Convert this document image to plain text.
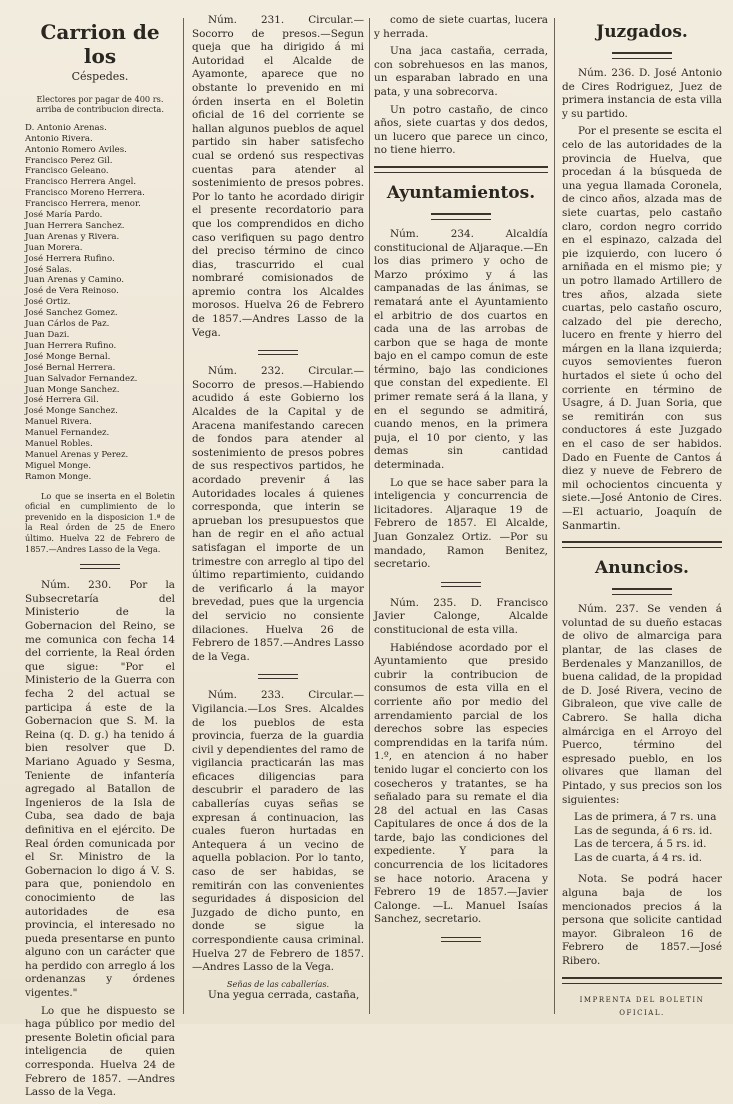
Carrion de los
Céspedes.
Electores por pagar de 400 rs. arriba de contribucion directa.
D. Antonio Arenas.
Antonio Rivera.
Antonio Romero Aviles.
Francisco Perez Gil.
Francisco Geleano.
Francisco Herrera Angel.
Francisco Moreno Herrera.
Francisco Herrera, menor.
José María Pardo.
Juan Herrera Sanchez.
Juan Arenas y Rivera.
Juan Morera.
José Herrera Rufino.
José Salas.
Juan Arenas y Camino.
José de Vera Reinoso.
José Ortiz.
José Sanchez Gomez.
Juan Cárlos de Paz.
Juan Dazi.
Juan Herrera Rufino.
José Monge Bernal.
José Bernal Herrera.
Juan Salvador Fernandez.
Juan Monge Sanchez.
José Herrera Gil.
José Monge Sanchez.
Manuel Rivera.
Manuel Fernandez.
Manuel Robles.
Manuel Arenas y Perez.
Miguel Monge.
Ramon Monge.

Lo que se inserta en el Boletin oficial en cumplimiento de lo prevenido en la disposicion 1.ª de la Real órden de 25 de Enero último. Huelva 22 de Febrero de 1857.—Andres Lasso de la Vega.

Núm. 230. Por la Subsecretaría del Ministerio de la Gobernacion del Reino, se me comunica con fecha 14 del corriente, la Real órden que sigue: "Por el Ministerio de la Guerra con fecha 2 del actual se participa á este de la Gobernacion que S. M. la Reina (q. D. g.) ha tenido á bien resolver que D. Mariano Aguado y Sesma, Teniente de infantería agregado al Batallon de Ingenieros de la Isla de Cuba, sea dado de baja definitiva en el ejército. De Real órden comunicada por el Sr. Ministro de la Gobernacion lo digo á V. S. para que, poniendolo en conocimiento de las autoridades de esa provincia, el interesado no pueda presentarse en punto alguno con un carácter que ha perdido con arreglo á los ordenanzas y órdenes vigentes."

Lo que he dispuesto se haga público por medio del presente Boletin oficial para inteligencia de quien corresponda. Huelva 24 de Febrero de 1857. —Andres Lasso de la Vega.

Núm. 231. Circular.—Socorro de presos.—Segun queja que ha dirigido á mi Autoridad el Alcalde de Ayamonte, aparece que no obstante lo prevenido en mi órden inserta en el Boletin oficial de 16 del corriente se hallan algunos pueblos de aquel partido sin haber satisfecho cual se ordenó sus respectivas cuentas para atender al sostenimiento de presos pobres. Por lo tanto he acordado dirigir el presente recordatorio para que los comprendidos en dicho caso verifiquen su pago dentro del preciso término de cinco dias, trascurrido el cual nombraré comisionados de apremio contra los Alcaldes morosos. Huelva 26 de Febrero de 1857.—Andres Lasso de la Vega.

Núm. 232. Circular.—Socorro de presos.—Habiendo acudido á este Gobierno los Alcaldes de la Capital y de Aracena manifestando carecen de fondos para atender al sostenimiento de presos pobres de sus respectivos partidos, he acordado prevenir á las Autoridades locales á quienes corresponda, que interin se aprueban los presupuestos que han de regir en el año actual satisfagan el importe de un trimestre con arreglo al tipo del último repartimiento, cuidando de verificarlo á la mayor brevedad, pues que la urgencia del servicio no consiente dilaciones. Huelva 26 de Febrero de 1857.—Andres Lasso de la Vega.

Núm. 233. Circular.—Vigilancia.—Los Sres. Alcaldes de los pueblos de esta provincia, fuerza de la guardia civil y dependientes del ramo de vigilancia practicarán las mas eficaces diligencias para descubrir el paradero de las caballerías cuyas señas se expresan á continuacion, las cuales fueron hurtadas en Antequera á un vecino de aquella poblacion. Por lo tanto, caso de ser habidas, se remitirán con las convenientes seguridades á disposicion del Juzgado de dicho punto, en donde se sigue la correspondiente causa criminal. Huelva 27 de Febrero de 1857.—Andres Lasso de la Vega.

Señas de las caballerías.

Una yegua cerrada, castaña,

como de siete cuartas, lucera y herrada.

Una jaca castaña, cerrada, con sobrehuesos en las manos, un esparaban labrado en una pata, y una sobrecorva.

Un potro castaño, de cinco años, siete cuartas y dos dedos, un lucero que parece un cinco, no tiene hierro.

Ayuntamientos.

Núm. 234. Alcaldía constitucional de Aljaraque.—En los dias primero y ocho de Marzo próximo y á las campanadas de las ánimas, se rematará ante el Ayuntamiento el arbitrio de dos cuartos en cada una de las arrobas de carbon que se haga de monte bajo en el campo comun de este término, bajo las condiciones que constan del expediente. El primer remate será á la llana, y en el segundo se admitirá, cuando menos, en la primera puja, el 10 por ciento, y las demas sin cantidad determinada.

Lo que se hace saber para la inteligencia y concurrencia de licitadores. Aljaraque 19 de Febrero de 1857. El Alcalde, Juan Gonzalez Ortiz. —Por su mandado, Ramon Benitez, secretario.

Núm. 235. D. Francisco Javier Calonge, Alcalde constitucional de esta villa.

Habiéndose acordado por el Ayuntamiento que presido cubrir la contribucion de consumos de esta villa en el corriente año por medio del arrendamiento parcial de los derechos sobre las especies comprendidas en la tarifa núm. 1.º, en atencion á no haber tenido lugar el concierto con los cosecheros y tratantes, se ha señalado para su remate el dia 28 del actual en las Casas Capitulares de once á dos de la tarde, bajo las condiciones del expediente. Y para la concurrencia de los licitadores se hace notorio. Aracena y Febrero 19 de 1857.—Javier Calonge. —L. Manuel Isaías Sanchez, secretario.

Juzgados.

Núm. 236. D. José Antonio de Cires Rodriguez, Juez de primera instancia de esta villa y su partido.

Por el presente se escita el celo de las autoridades de la provincia de Huelva, que procedan á la búsqueda de una yegua llamada Coronela, de cinco años, alzada mas de siete cuartas, pelo castaño claro, cordon negro corrido en el espinazo, calzada del pie izquierdo, con lucero ó arniñada en el mismo pie; y un potro llamado Artillero de tres años, alzada siete cuartas, pelo castaño oscuro, calzado del pie derecho, lucero en frente y hierro del márgen en la llana izquierda; cuyos semovientes fueron hurtados el siete ú ocho del corriente en término de Usagre, á D. Juan Soria, que se remitirán con sus conductores á este Juzgado en el caso de ser habidos. Dado en Fuente de Cantos á diez y nueve de Febrero de mil ochocientos cincuenta y siete.—José Antonio de Cires.—El actuario, Joaquín de Sanmartin.

Anuncios.

Núm. 237. Se venden á voluntad de su dueño estacas de olivo de almarciga para plantar, de las clases de Berdenales y Manzanillos, de buena calidad, de la propidad de D. José Rivera, vecino de Gibraleon, que vive calle de Cabrero. Se halla dicha almárciga en el Arroyo del Puerco, término del espresado pueblo, en los olivares que llaman del Pintado, y sus precios son los siguientes:

Las de primera, á 7 rs. una
Las de segunda, á 6 rs. id.
Las de tercera, á 5 rs. id.
Las de cuarta, á 4 rs. id.

Nota. Se podrá hacer alguna baja de los mencionados precios á la persona que solicite cantidad mayor. Gibraleon 16 de Febrero de 1857.—José Ribero.

IMPRENTA DEL BOLETIN OFICIAL.
